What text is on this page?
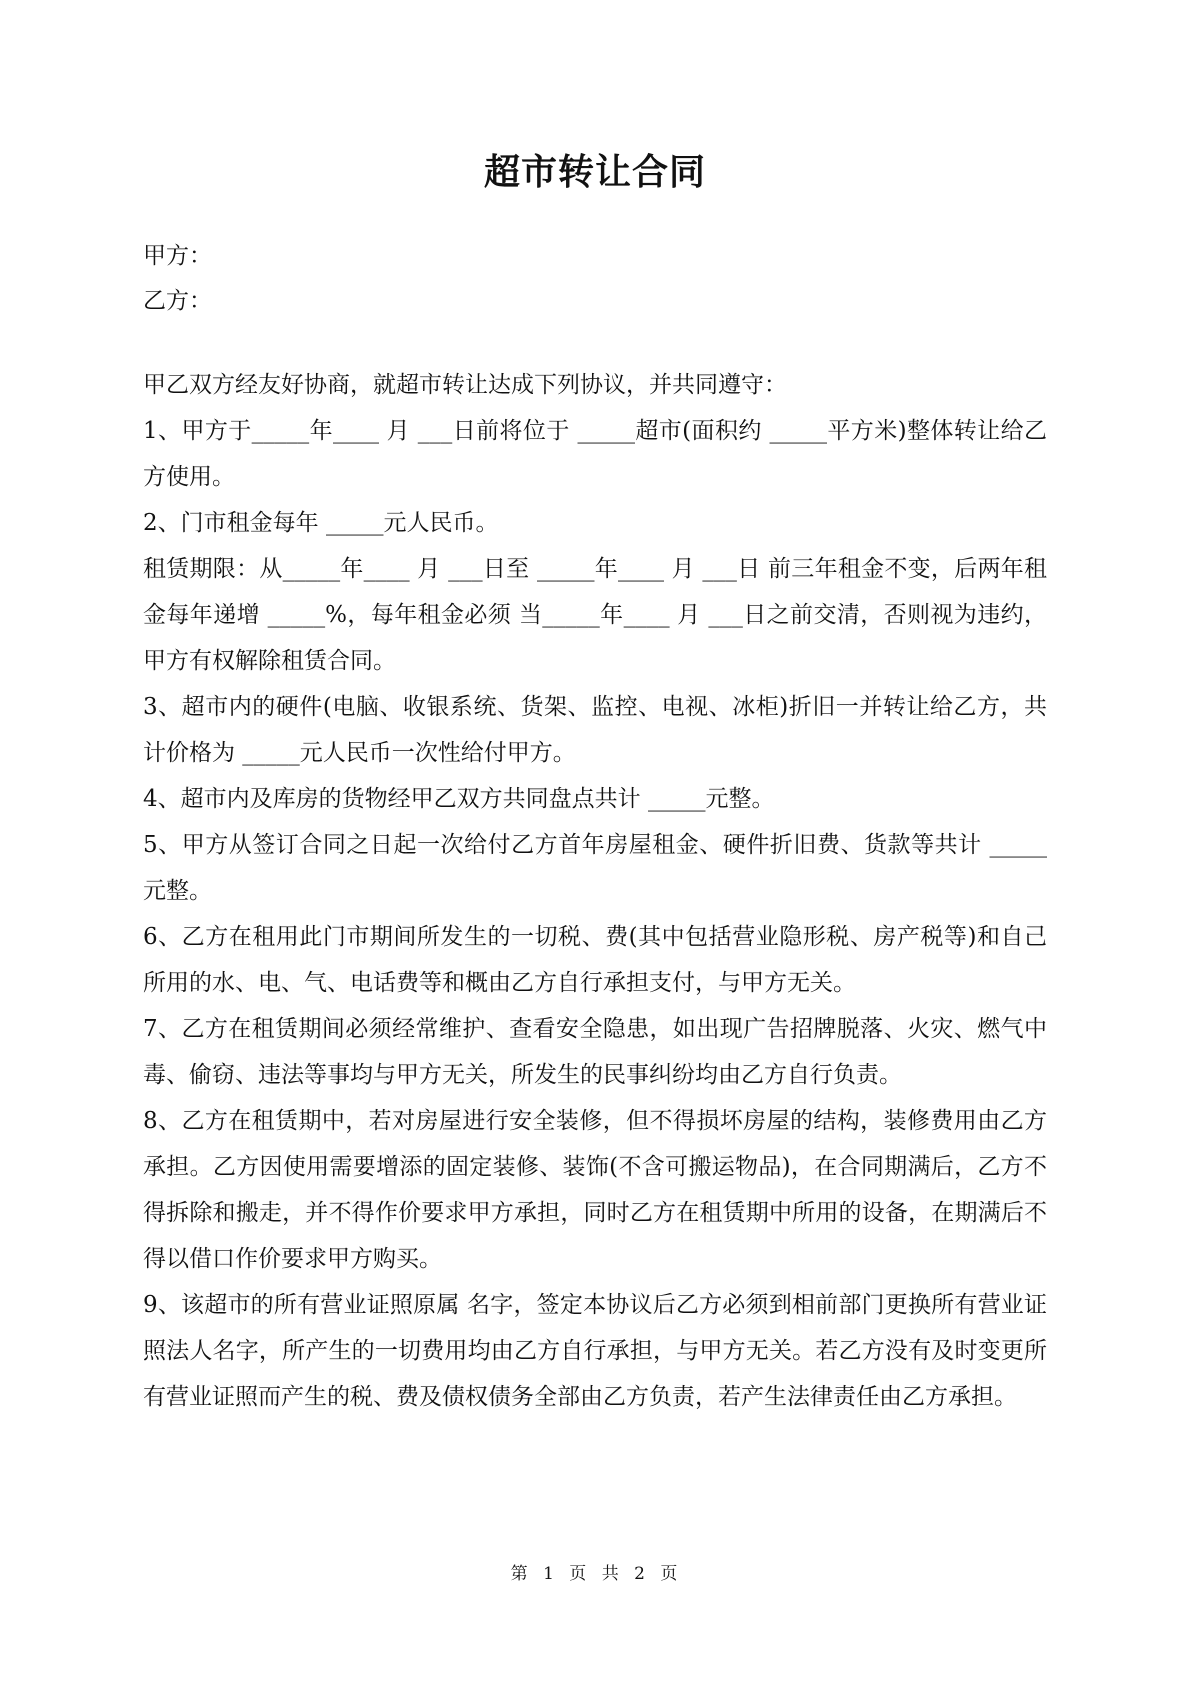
超市转让合同

甲方：

乙方：

甲乙双方经友好协商，就超市转让达成下列协议，并共同遵守：

1、甲方于_____年____ 月 ___日前将位于 _____超市(面积约 _____平方米)整体转让给乙方使用。

2、门市租金每年 _____元人民币。

租赁期限：从_____年____ 月 ___日至 _____年____ 月 ___日 前三年租金不变，后两年租金每年递增 _____%，每年租金必须 当_____年____ 月 ___日之前交清，否则视为违约，甲方有权解除租赁合同。

3、超市内的硬件(电脑、收银系统、货架、监控、电视、冰柜)折旧一并转让给乙方，共计价格为 _____元人民币一次性给付甲方。

4、超市内及库房的货物经甲乙双方共同盘点共计 _____元整。

5、甲方从签订合同之日起一次给付乙方首年房屋租金、硬件折旧费、货款等共计 _____元整。

6、乙方在租用此门市期间所发生的一切税、费(其中包括营业隐形税、房产税等)和自己所用的水、电、气、电话费等和概由乙方自行承担支付，与甲方无关。

7、乙方在租赁期间必须经常维护、查看安全隐患，如出现广告招牌脱落、火灾、燃气中毒、偷窃、违法等事均与甲方无关，所发生的民事纠纷均由乙方自行负责。

8、乙方在租赁期中，若对房屋进行安全装修，但不得损坏房屋的结构，装修费用由乙方承担。乙方因使用需要增添的固定装修、装饰(不含可搬运物品)，在合同期满后，乙方不得拆除和搬走，并不得作价要求甲方承担，同时乙方在租赁期中所用的设备，在期满后不得以借口作价要求甲方购买。

9、该超市的所有营业证照原属 名字，签定本协议后乙方必须到相前部门更换所有营业证照法人名字，所产生的一切费用均由乙方自行承担，与甲方无关。若乙方没有及时变更所有营业证照而产生的税、费及债权债务全部由乙方负责，若产生法律责任由乙方承担。

第 1 页 共 2 页
